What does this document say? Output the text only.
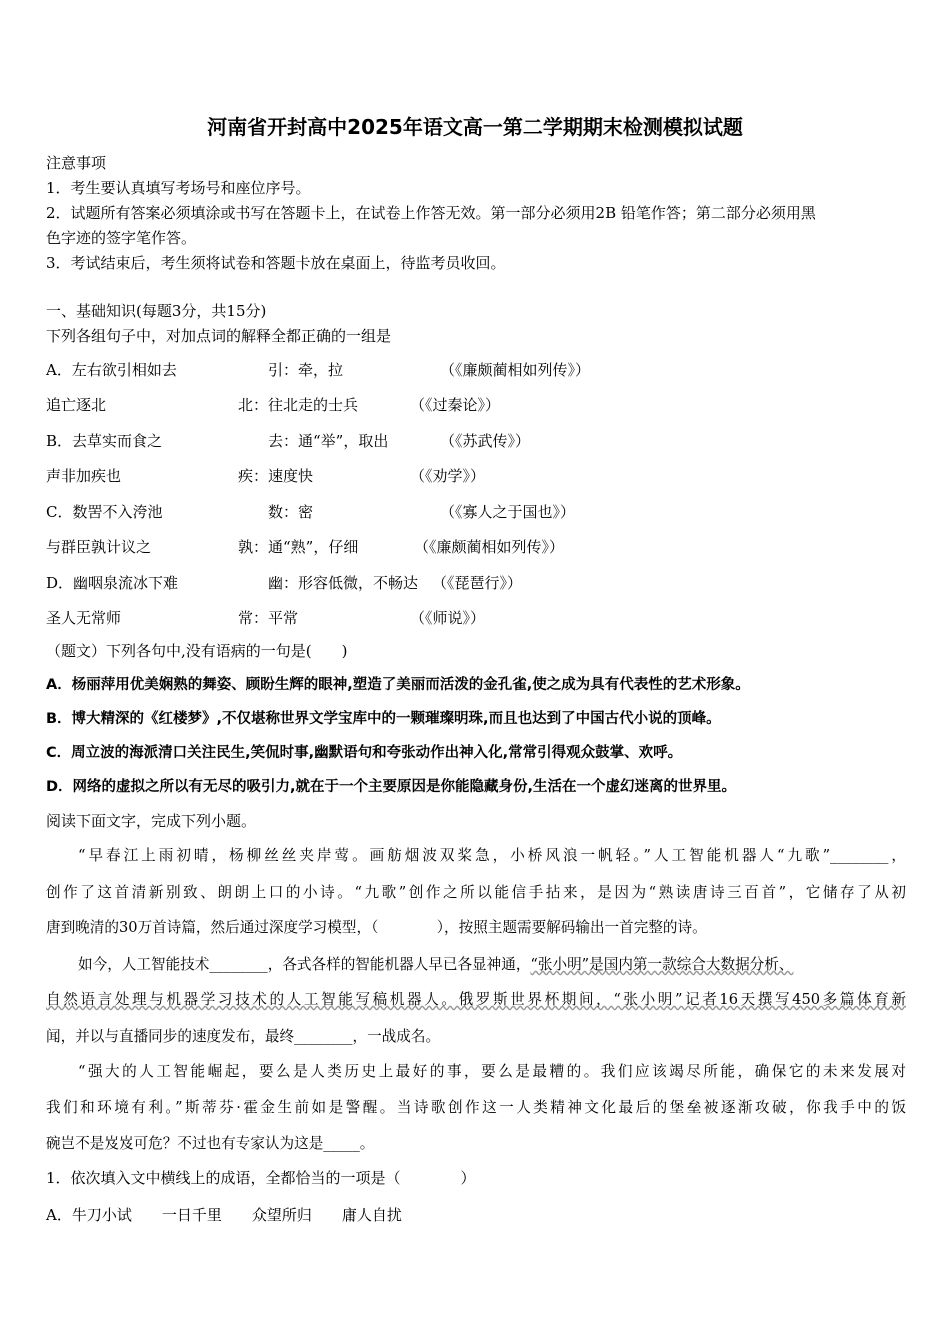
河南省开封高中2025年语文高一第二学期期末检测模拟试题
注意事项
1．考生要认真填写考场号和座位序号。
2．试题所有答案必须填涂或书写在答题卡上，在试卷上作答无效。第一部分必须用2B 铅笔作答；第二部分必须用黑
色字迹的签字笔作答。
3．考试结束后，考生须将试卷和答题卡放在桌面上，待监考员收回。
一、基础知识(每题3分，共15分)
下列各组句子中，对加点词的解释全都正确的一组是
A．左右欲引相如去	引：牵，拉	（《廉颇蔺相如列传》）
追亡逐北	北：往北走的士兵	（《过秦论》）
B．去草实而食之	去：通“举”，取出	（《苏武传》）
声非加疾也	疾：速度快	（《劝学》）
C．数罟不入洿池	数：密	（《寡人之于国也》）
与群臣孰计议之	孰：通“熟”，仔细	（《廉颇蔺相如列传》）
D．幽咽泉流冰下难	幽：形容低微，不畅达 （《琵琶行》）
圣人无常师	常：平常	（《师说》）
（题文）下列各句中,没有语病的一句是(　　)
A．杨丽萍用优美娴熟的舞姿、顾盼生辉的眼神,塑造了美丽而活泼的金孔雀,使之成为具有代表性的艺术形象。
B．博大精深的《红楼梦》,不仅堪称世界文学宝库中的一颗璀璨明珠,而且也达到了中国古代小说的顶峰。
C．周立波的海派清口关注民生,笑侃时事,幽默语句和夸张动作出神入化,常常引得观众鼓掌、欢呼。
D．网络的虚拟之所以有无尽的吸引力,就在于一个主要原因是你能隐藏身份,生活在一个虚幻迷离的世界里。
阅读下面文字，完成下列小题。
“早春江上雨初晴，杨柳丝丝夹岸莺。画舫烟波双桨急，小桥风浪一帆轻。”人工智能机器人“九歌”________，
创作了这首清新别致、朗朗上口的小诗。“九歌”创作之所以能信手拈来，是因为“熟读唐诗三百首”，它储存了从初
唐到晚清的30万首诗篇，然后通过深度学习模型，（　　　　），按照主题需要解码输出一首完整的诗。
如今，人工智能技术________，各式各样的智能机器人早已各显神通，“张小明”是国内第一款综合大数据分析、
自然语言处理与机器学习技术的人工智能写稿机器人。俄罗斯世界杯期间，“张小明”记者16天撰写450多篇体育新
闻，并以与直播同步的速度发布，最终________，一战成名。
“强大的人工智能崛起，要么是人类历史上最好的事，要么是最糟的。我们应该竭尽所能，确保它的未来发展对
我们和环境有利。”斯蒂芬·霍金生前如是警醒。当诗歌创作这一人类精神文化最后的堡垒被逐渐攻破，你我手中的饭
碗岂不是岌岌可危？不过也有专家认为这是_____。
1．依次填入文中横线上的成语，全都恰当的一项是（　　　　）
A．牛刀小试　　一日千里　　众望所归　　庸人自扰
